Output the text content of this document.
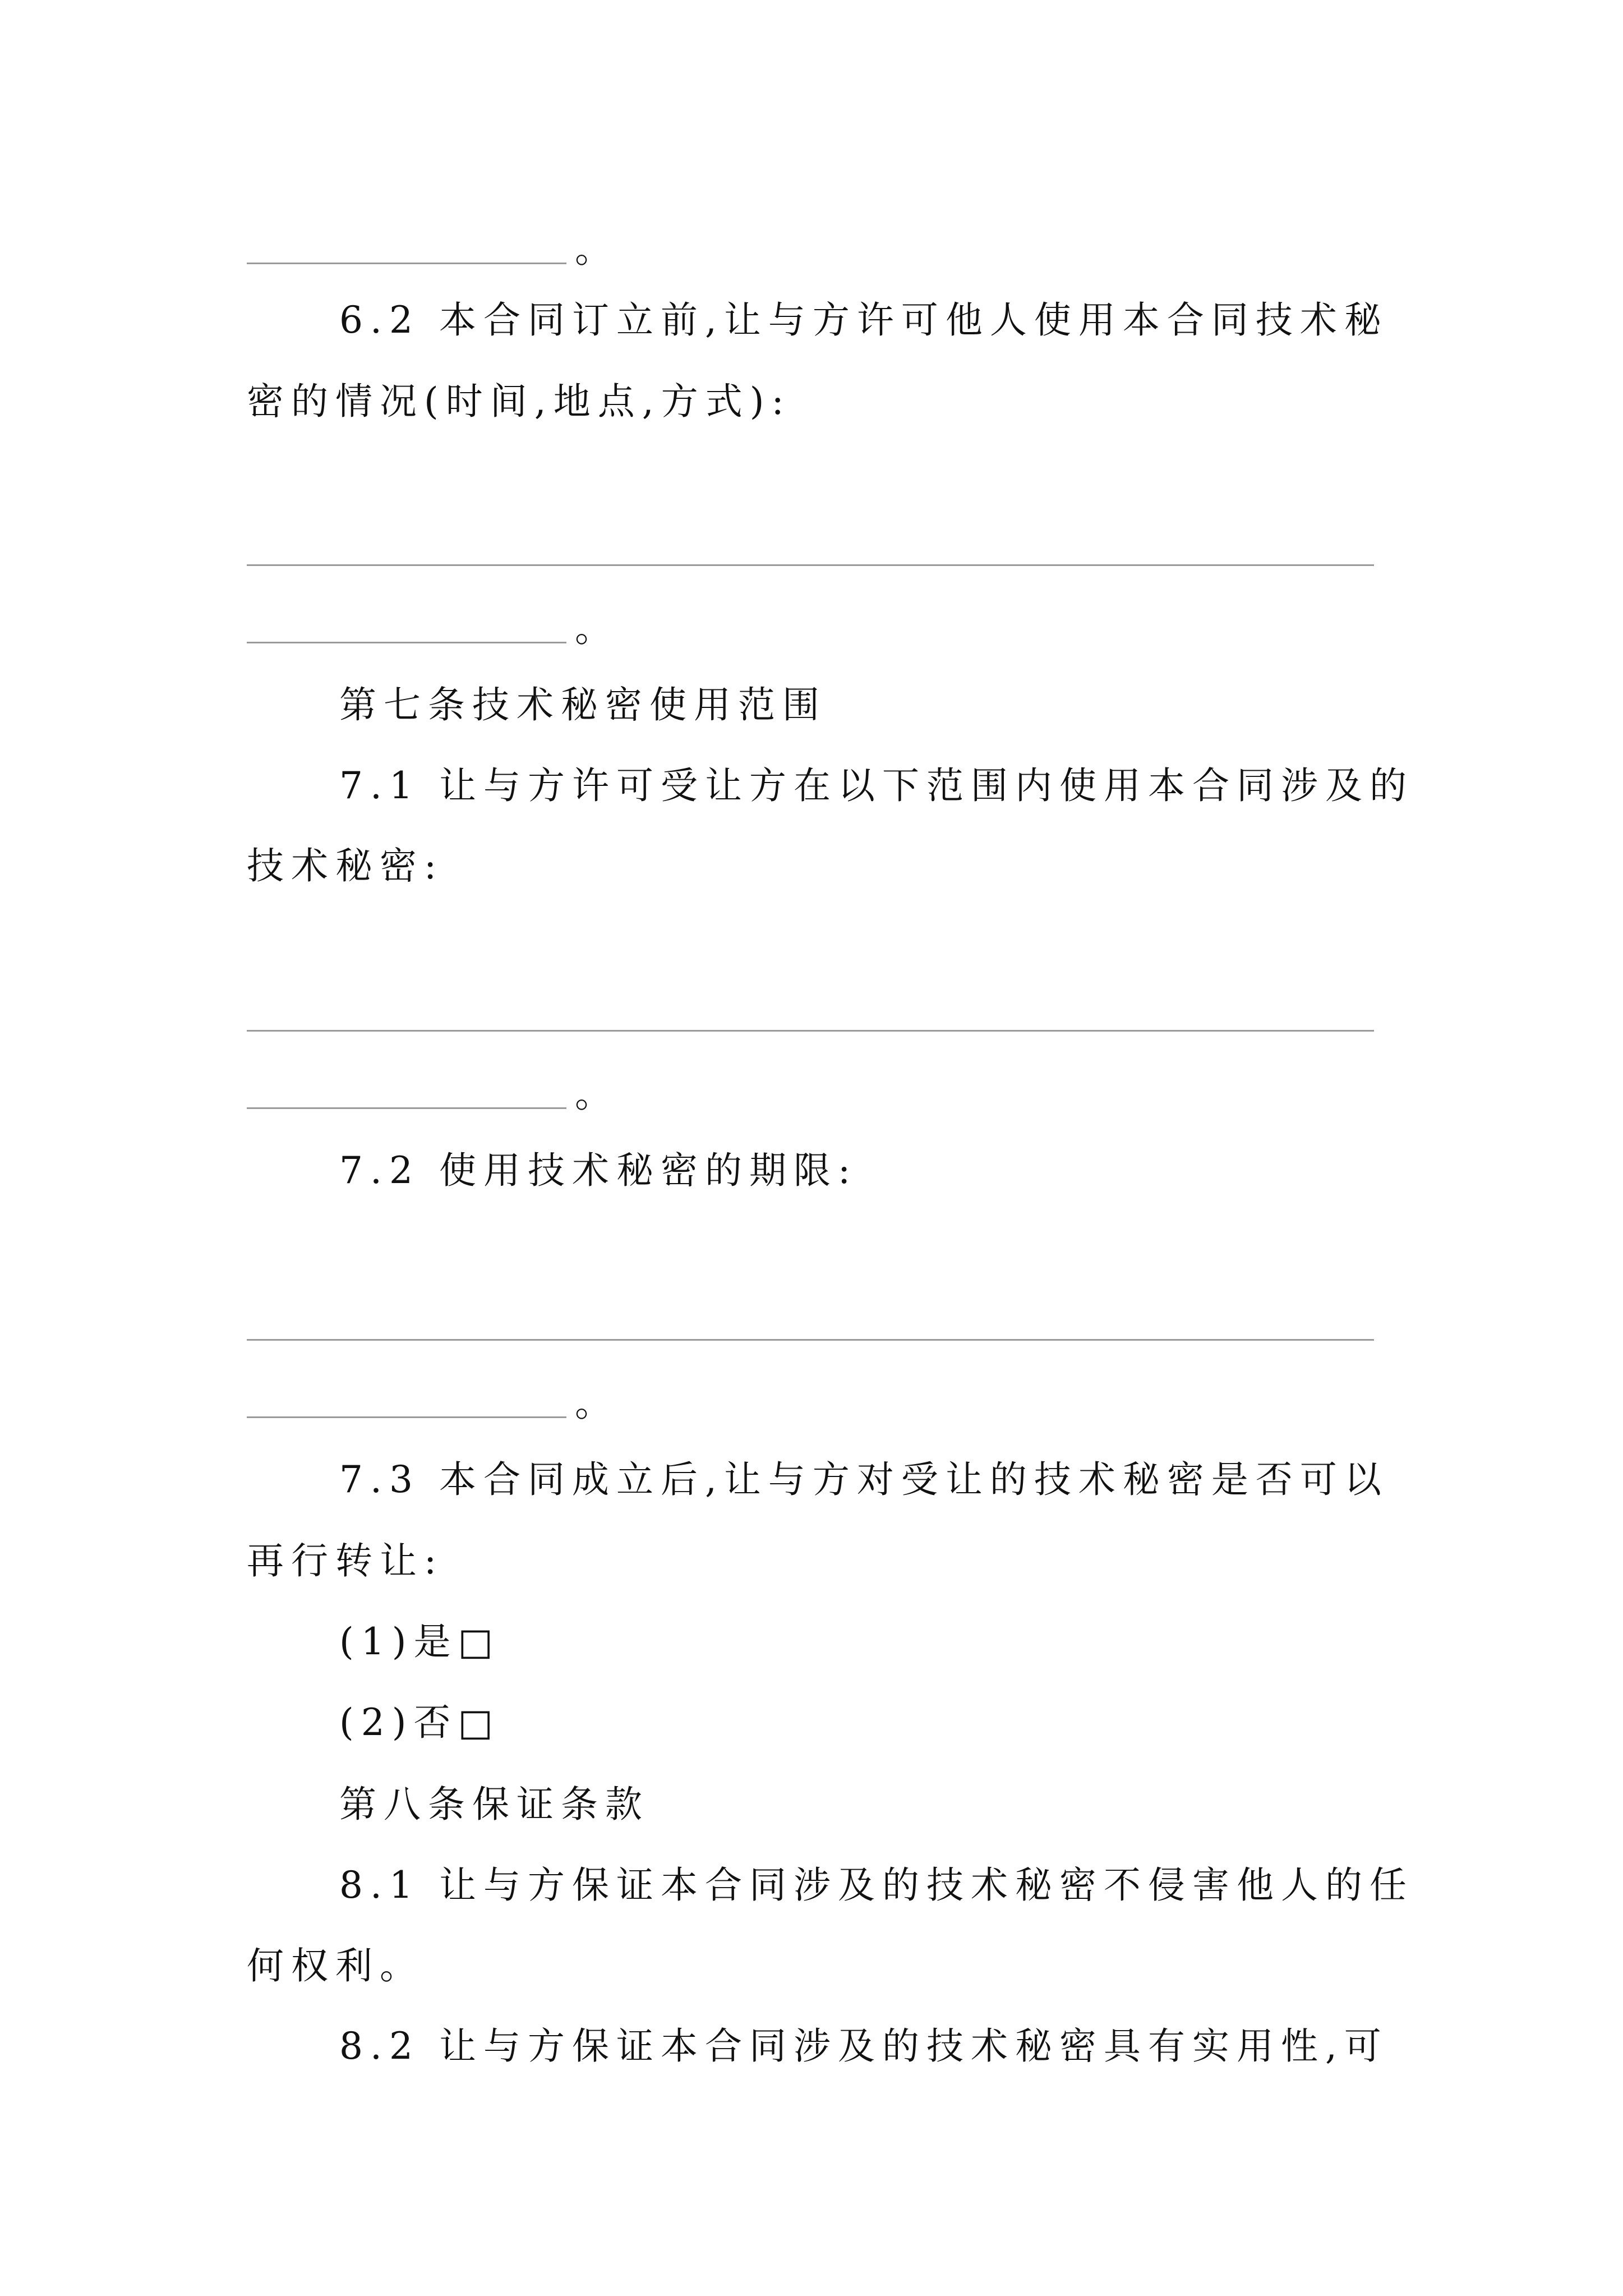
。

6.2 本合同订立前,让与方许可他人使用本合同技术秘

密的情况(时间,地点,方式):

。

第七条技术秘密使用范围

7.1 让与方许可受让方在以下范围内使用本合同涉及的

技术秘密:

。

7.2 使用技术秘密的期限:

。

7.3 本合同成立后,让与方对受让的技术秘密是否可以

再行转让:

(1)是□

(2)否□

第八条保证条款

8.1 让与方保证本合同涉及的技术秘密不侵害他人的任

何权利。

8.2 让与方保证本合同涉及的技术秘密具有实用性,可
